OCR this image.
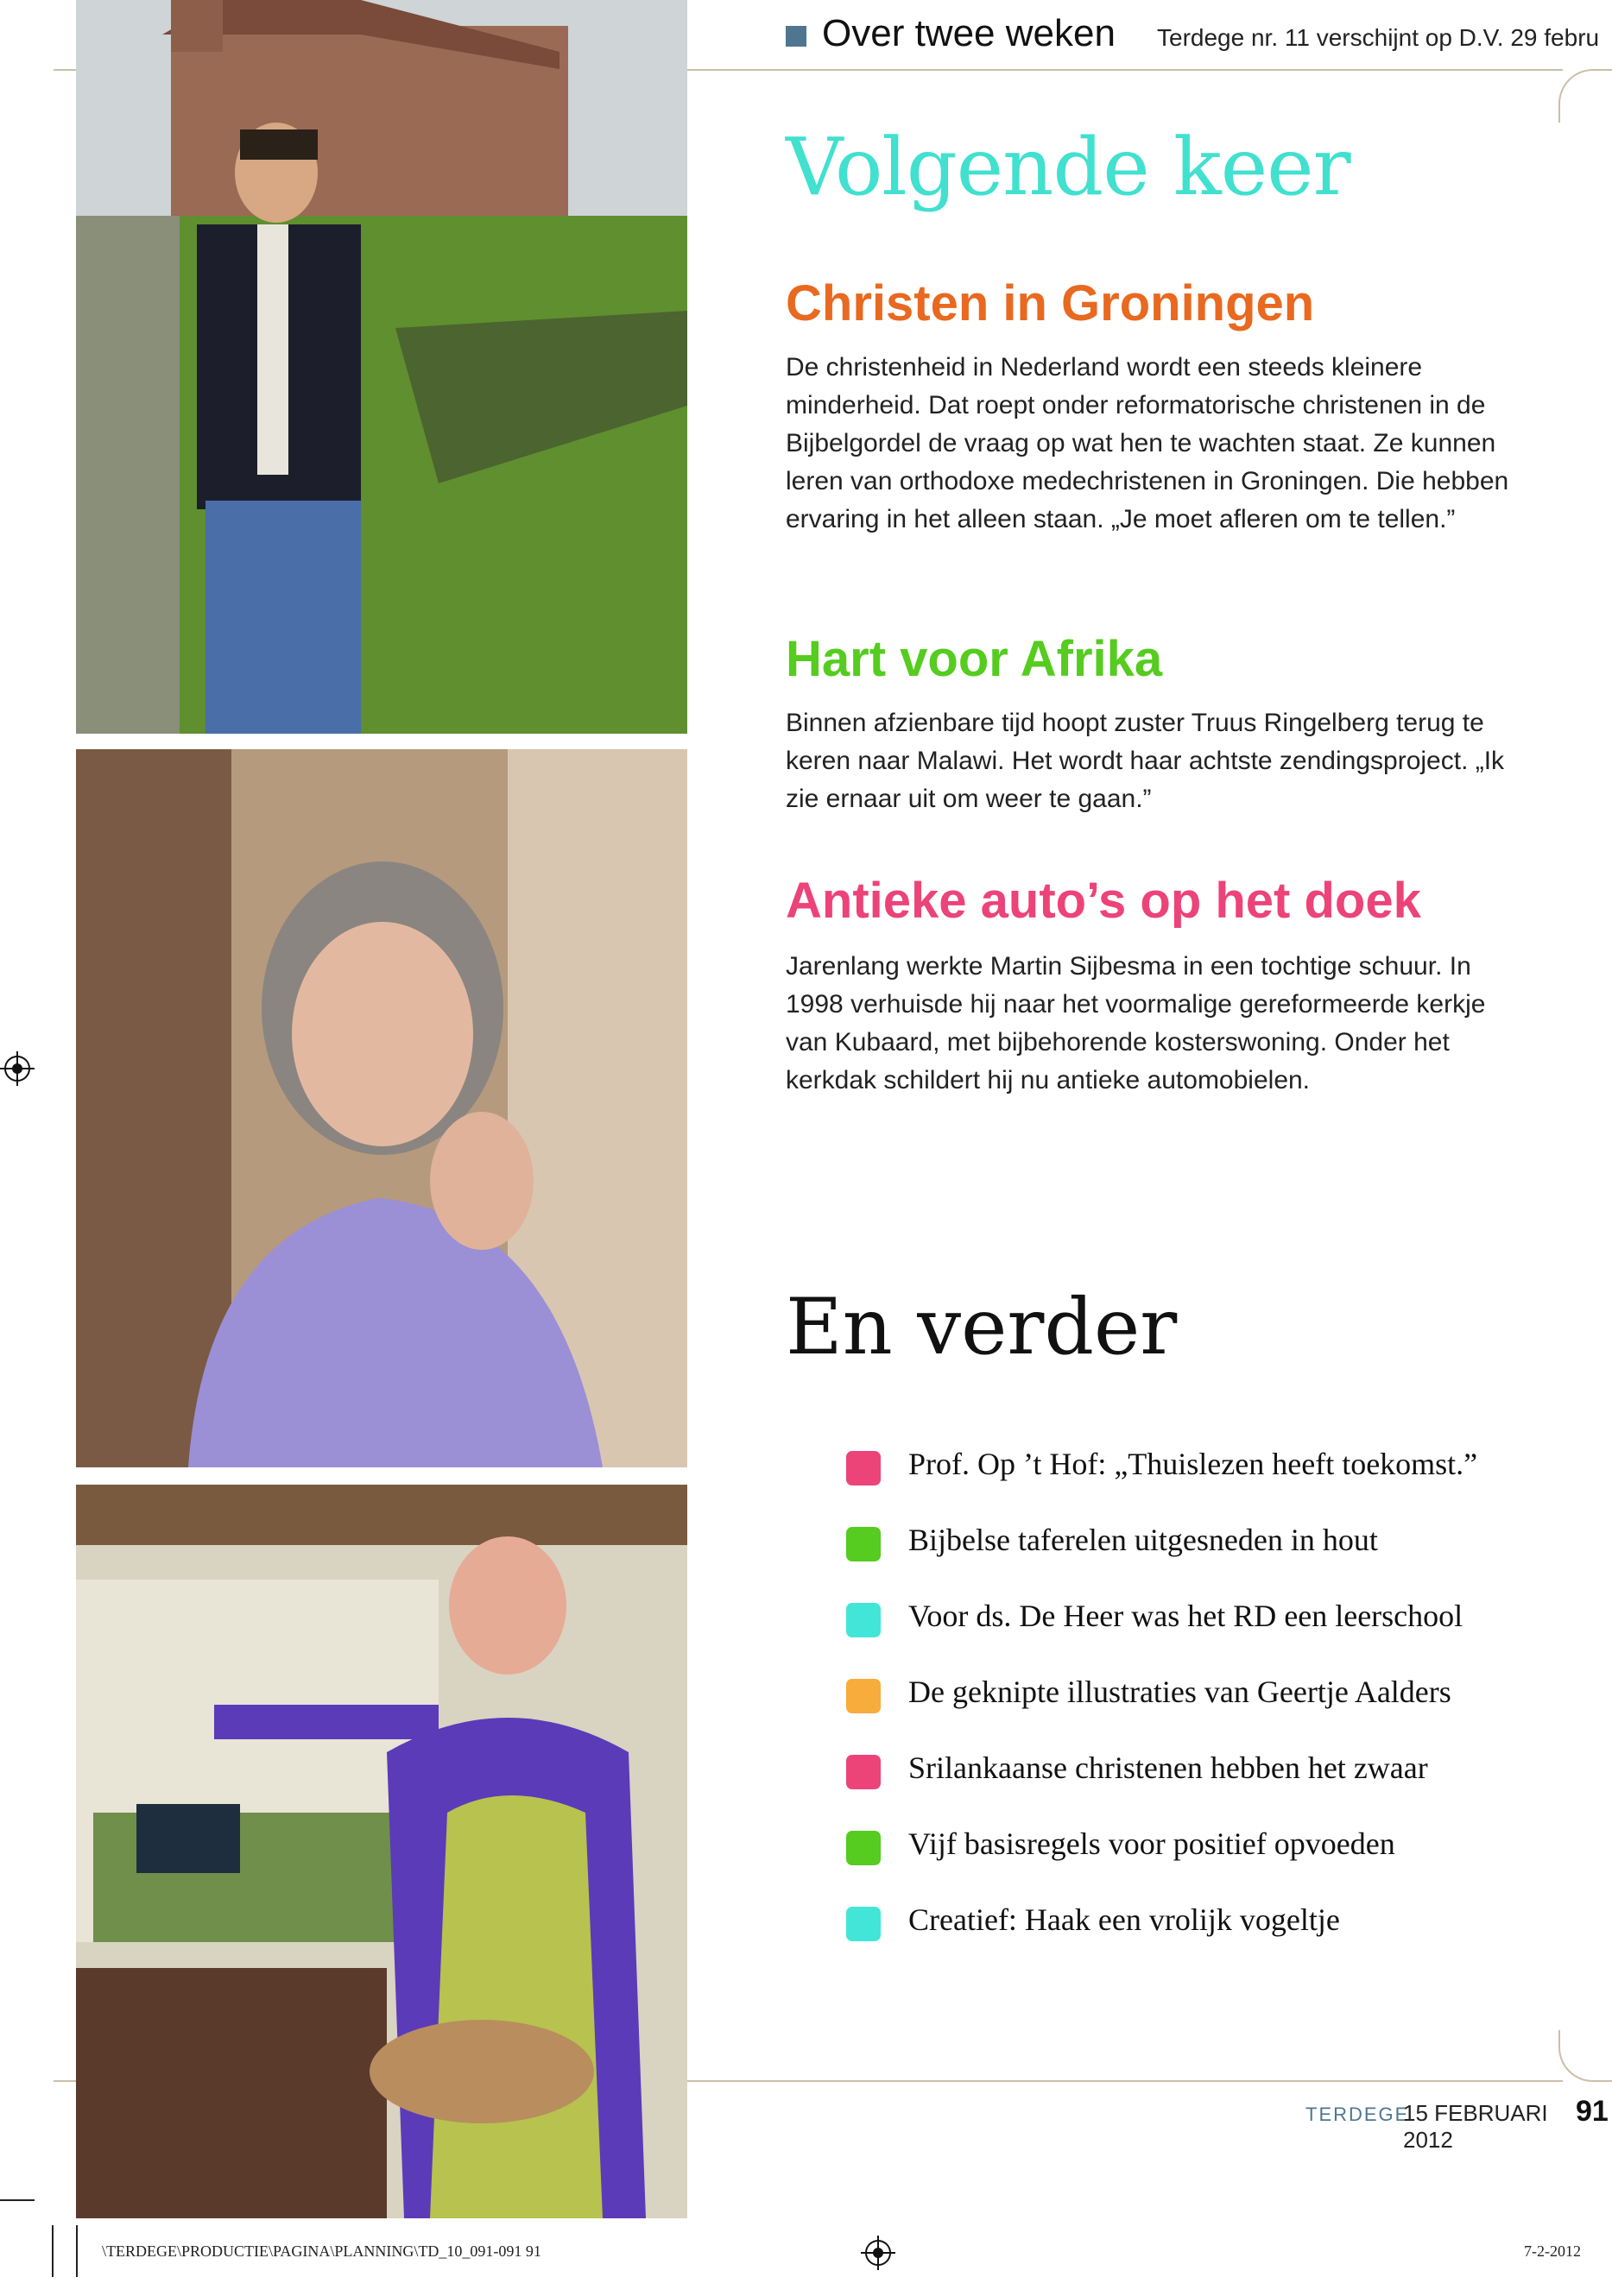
Over twee weken Terdege nr. 11 verschijnt op D.V. 29 febru
Volgende keer
Christen in Groningen
De christenheid in Nederland wordt een steeds kleinere minderheid. Dat roept onder reformatorische christenen in de Bijbelgordel de vraag op wat hen te wachten staat. Ze kunnen leren van orthodoxe medechristenen in Groningen. Die hebben ervaring in het alleen staan. „Je moet afleren om te tellen.”
Hart voor Afrika
Binnen afzienbare tijd hoopt zuster Truus Ringelberg terug te keren naar Malawi. Het wordt haar achtste zendingsproject. „Ik zie ernaar uit om weer te gaan.”
Antieke auto’s op het doek
Jarenlang werkte Martin Sijbesma in een tochtige schuur. In 1998 verhuisde hij naar het voormalige gereformeerde kerkje van Kubaard, met bijbehorende kosterswoning. Onder het kerkdak schildert hij nu antieke automobielen.
En verder
Prof. Op ’t Hof: „Thuislezen heeft toekomst.”
Bijbelse taferelen uitgesneden in hout
Voor ds. De Heer was het RD een leerschool
De geknipte illustraties van Geertje Aalders
Srilankaanse christenen hebben het zwaar
Vijf basisregels voor positief opvoeden
Creatief: Haak een vrolijk vogeltje
TERDEGE
15 FEBRUARI 2012
91
\TERDEGE\PRODUCTIE\PAGINA\PLANNING\TD_10_091-091 91	7-2-2012
